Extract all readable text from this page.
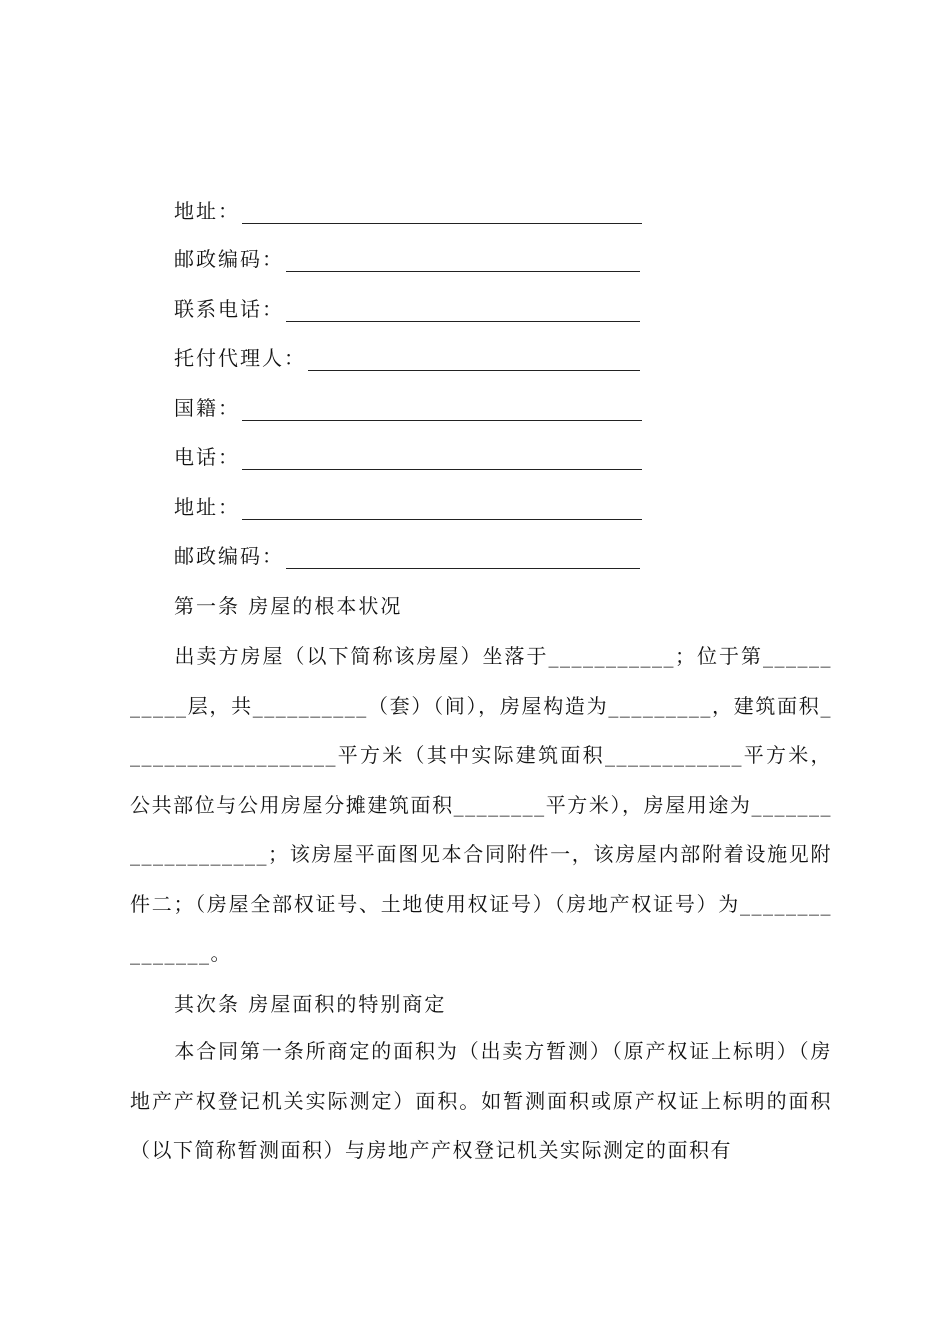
地址：
邮政编码：
联系电话：
托付代理人：
国籍：
电话：
地址：
邮政编码：
第一条 房屋的根本状况
出卖方房屋（以下简称该房屋）坐落于___________；位于第___________层，共__________（套）（间），房屋构造为_________，建筑面积___________________平方米（其中实际建筑面积____________平方米，公共部位与公用房屋分摊建筑面积________平方米），房屋用途为___________________；该房屋平面图见本合同附件一，该房屋内部附着设施见附件二；（房屋全部权证号、土地使用权证号）（房地产权证号）为_______________。
其次条 房屋面积的特别商定
本合同第一条所商定的面积为（出卖方暂测）（原产权证上标明）（房地产产权登记机关实际测定）面积。如暂测面积或原产权证上标明的面积（以下简称暂测面积）与房地产产权登记机关实际测定的面积有
